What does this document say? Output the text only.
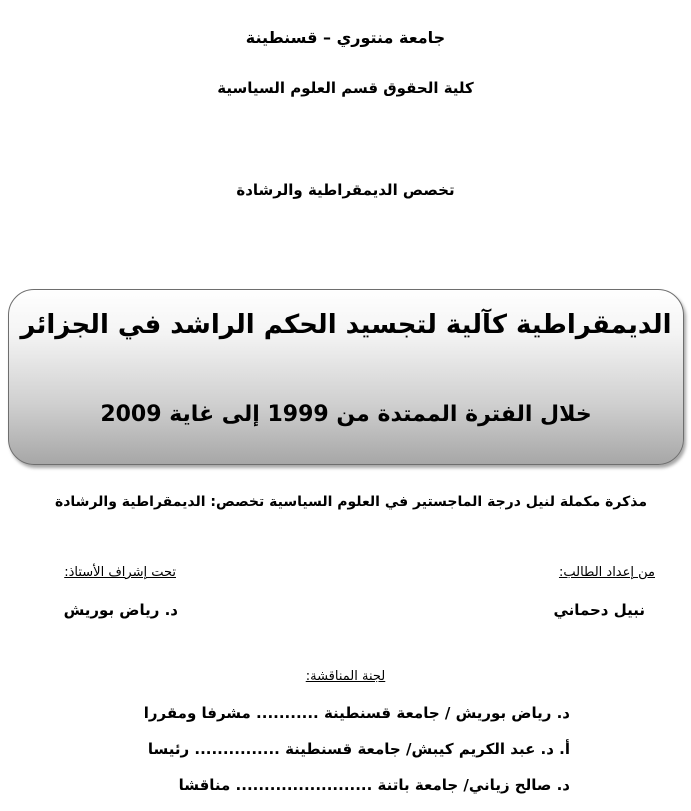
جامعة منتوري – قسنطينة
كلية الحقوق قسم العلوم السياسية
تخصص الديمقراطية والرشادة
الديمقراطية كآلية لتجسيد الحكم الراشد في الجزائر
خلال الفترة الممتدة من 1999 إلى غاية 2009
مذكرة مكملة لنيل درجة الماجستير في العلوم السياسية تخصص: الديمقراطية والرشادة
من إعداد الطالب:
نبيل دحماني
تحت إشراف الأستاذ:
د. رياض بوريش
لجنة المناقشة:
د. رياض بوريش / جامعة قسنطينة ........... مشرفا ومقررا
أ. د. عبد الكريم كيبش/ جامعة قسنطينة ............... رئيسا
د. صالح زياني/ جامعة باتنة ........................ مناقشا
